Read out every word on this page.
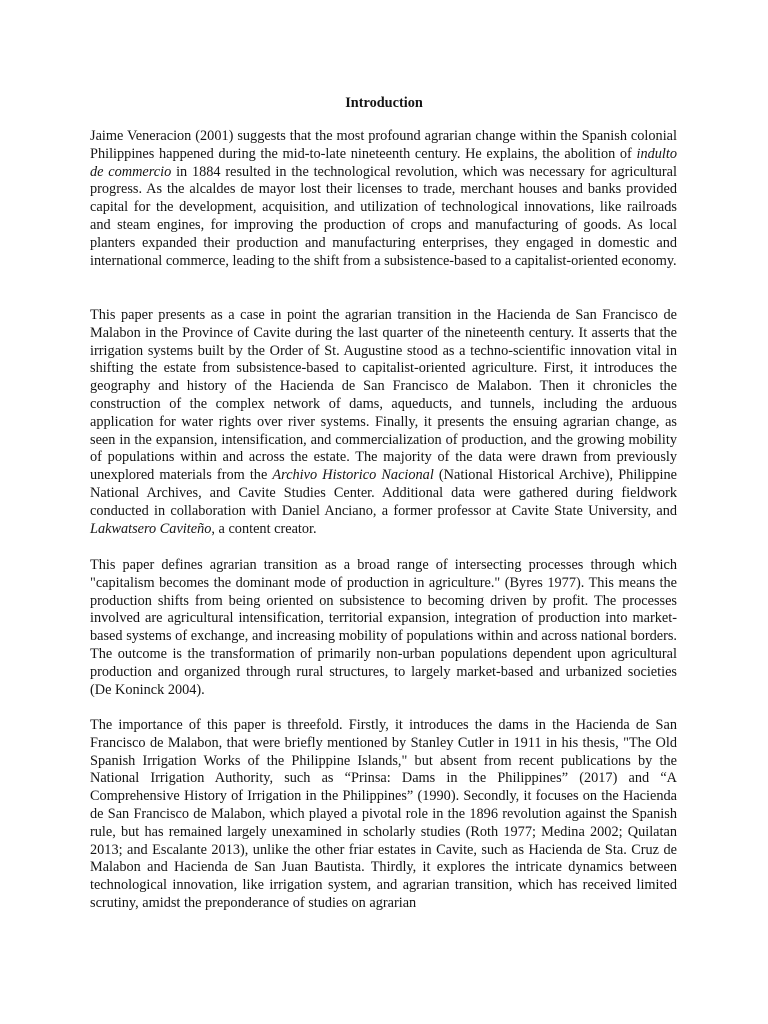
Introduction

Jaime Veneracion (2001) suggests that the most profound agrarian change within the Spanish colonial Philippines happened during the mid-to-late nineteenth century. He explains, the abolition of indulto de commercio in 1884 resulted in the technological revolution, which was necessary for agricultural progress. As the alcaldes de mayor lost their licenses to trade, merchant houses and banks provided capital for the development, acquisition, and utilization of technological innovations, like railroads and steam engines, for improving the production of crops and manufacturing of goods. As local planters expanded their production and manufacturing enterprises, they engaged in domestic and international commerce, leading to the shift from a subsistence-based to a capitalist-oriented economy.

This paper presents as a case in point the agrarian transition in the Hacienda de San Francisco de Malabon in the Province of Cavite during the last quarter of the nineteenth century. It asserts that the irrigation systems built by the Order of St. Augustine stood as a techno-scientific innovation vital in shifting the estate from subsistence-based to capitalist-oriented agriculture. First, it introduces the geography and history of the Hacienda de San Francisco de Malabon. Then it chronicles the construction of the complex network of dams, aqueducts, and tunnels, including the arduous application for water rights over river systems. Finally, it presents the ensuing agrarian change, as seen in the expansion, intensification, and commercialization of production, and the growing mobility of populations within and across the estate. The majority of the data were drawn from previously unexplored materials from the Archivo Historico Nacional (National Historical Archive), Philippine National Archives, and Cavite Studies Center. Additional data were gathered during fieldwork conducted in collaboration with Daniel Anciano, a former professor at Cavite State University, and Lakwatsero Caviteño, a content creator.

This paper defines agrarian transition as a broad range of intersecting processes through which "capitalism becomes the dominant mode of production in agriculture." (Byres 1977). This means the production shifts from being oriented on subsistence to becoming driven by profit. The processes involved are agricultural intensification, territorial expansion, integration of production into market-based systems of exchange, and increasing mobility of populations within and across national borders. The outcome is the transformation of primarily non-urban populations dependent upon agricultural production and organized through rural structures, to largely market-based and urbanized societies (De Koninck 2004).

The importance of this paper is threefold. Firstly, it introduces the dams in the Hacienda de San Francisco de Malabon, that were briefly mentioned by Stanley Cutler in 1911 in his thesis, "The Old Spanish Irrigation Works of the Philippine Islands," but absent from recent publications by the National Irrigation Authority, such as “Prinsa: Dams in the Philippines” (2017) and “A Comprehensive History of Irrigation in the Philippines” (1990). Secondly, it focuses on the Hacienda de San Francisco de Malabon, which played a pivotal role in the 1896 revolution against the Spanish rule, but has remained largely unexamined in scholarly studies (Roth 1977; Medina 2002; Quilatan 2013; and Escalante 2013), unlike the other friar estates in Cavite, such as Hacienda de Sta. Cruz de Malabon and Hacienda de San Juan Bautista. Thirdly, it explores the intricate dynamics between technological innovation, like irrigation system, and agrarian transition, which has received limited scrutiny, amidst the preponderance of studies on agrarian
